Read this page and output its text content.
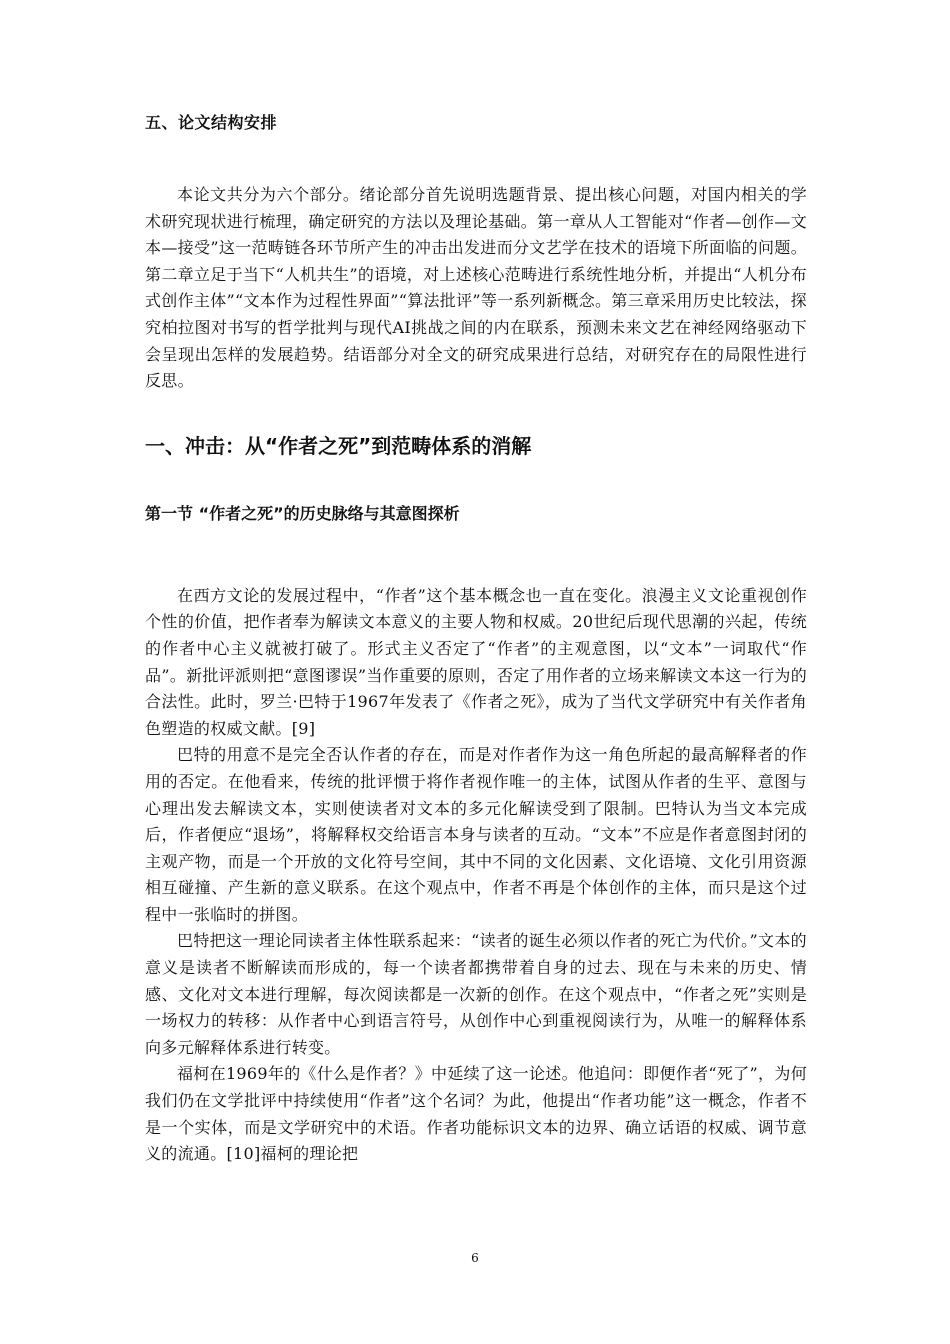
五、论文结构安排

本论文共分为六个部分。绪论部分首先说明选题背景、提出核心问题，对国内相关的学术研究现状进行梳理，确定研究的方法以及理论基础。第一章从人工智能对“作者—创作—文本—接受”这一范畴链各环节所产生的冲击出发进而分文艺学在技术的语境下所面临的问题。第二章立足于当下“人机共生”的语境，对上述核心范畴进行系统性地分析，并提出“人机分布式创作主体”“文本作为过程性界面”“算法批评”等一系列新概念。第三章采用历史比较法，探究柏拉图对书写的哲学批判与现代AI挑战之间的内在联系，预测未来文艺在神经网络驱动下会呈现出怎样的发展趋势。结语部分对全文的研究成果进行总结，对研究存在的局限性进行反思。

一、冲击：从“作者之死”到范畴体系的消解
第一节 “作者之死”的历史脉络与其意图探析

在西方文论的发展过程中，“作者”这个基本概念也一直在变化。浪漫主义文论重视创作个性的价值，把作者奉为解读文本意义的主要人物和权威。20世纪后现代思潮的兴起，传统的作者中心主义就被打破了。形式主义否定了“作者”的主观意图，以“文本”一词取代“作品”。新批评派则把“意图谬误”当作重要的原则，否定了用作者的立场来解读文本这一行为的合法性。此时，罗兰·巴特于1967年发表了《作者之死》，成为了当代文学研究中有关作者角色塑造的权威文献。[9]

巴特的用意不是完全否认作者的存在，而是对作者作为这一角色所起的最高解释者的作用的否定。在他看来，传统的批评惯于将作者视作唯一的主体，试图从作者的生平、意图与心理出发去解读文本，实则使读者对文本的多元化解读受到了限制。巴特认为当文本完成后，作者便应“退场”，将解释权交给语言本身与读者的互动。“文本”不应是作者意图封闭的主观产物，而是一个开放的文化符号空间，其中不同的文化因素、文化语境、文化引用资源相互碰撞、产生新的意义联系。在这个观点中，作者不再是个体创作的主体，而只是这个过程中一张临时的拼图。

巴特把这一理论同读者主体性联系起来：“读者的诞生必须以作者的死亡为代价。”文本的意义是读者不断解读而形成的，每一个读者都携带着自身的过去、现在与未来的历史、情感、文化对文本进行理解，每次阅读都是一次新的创作。在这个观点中，“作者之死”实则是一场权力的转移：从作者中心到语言符号，从创作中心到重视阅读行为，从唯一的解释体系向多元解释体系进行转变。

福柯在1969年的《什么是作者？》中延续了这一论述。他追问：即便作者“死了”，为何我们仍在文学批评中持续使用“作者”这个名词？为此，他提出“作者功能”这一概念，作者不是一个实体，而是文学研究中的术语。作者功能标识文本的边界、确立话语的权威、调节意义的流通。[10]福柯的理论把

6
